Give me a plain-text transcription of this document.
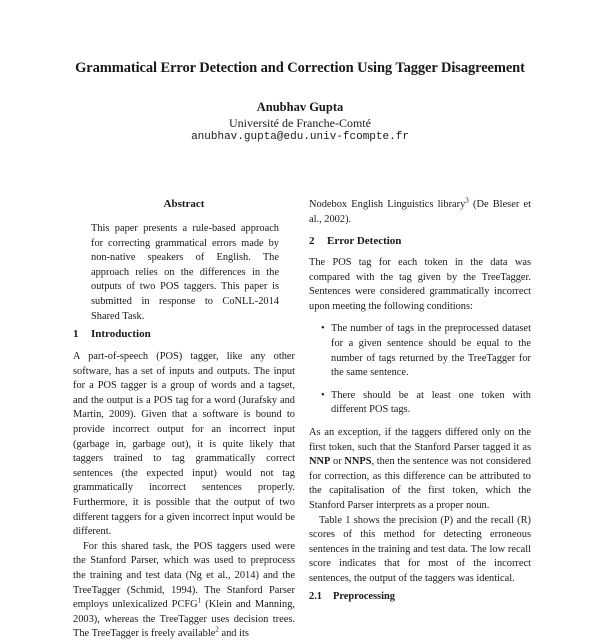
Grammatical Error Detection and Correction Using Tagger Disagreement
Anubhav Gupta
Université de Franche-Comté
anubhav.gupta@edu.univ-fcompte.fr
Abstract
This paper presents a rule-based approach for correcting grammatical errors made by non-native speakers of English. The approach relies on the differences in the outputs of two POS taggers. This paper is submitted in response to CoNLL-2014 Shared Task.
1 Introduction

A part-of-speech (POS) tagger, like any other software, has a set of inputs and outputs. The input for a POS tagger is a group of words and a tagset, and the output is a POS tag for a word (Jurafsky and Martin, 2009). Given that a software is bound to provide incorrect output for an incorrect input (garbage in, garbage out), it is quite likely that taggers trained to tag grammatically correct sentences (the expected input) would not tag grammatically incorrect sentences properly. Furthermore, it is possible that the output of two different taggers for a given incorrect input would be different.

For this shared task, the POS taggers used were the Stanford Parser, which was used to preprocess the training and test data (Ng et al., 2014) and the TreeTagger (Schmid, 1994). The Stanford Parser employs unlexicalized PCFG$^1$ (Klein and Manning, 2003), whereas the TreeTagger uses decision trees. The TreeTagger is freely available$^2$ and its

Nodebox English Linguistics library$^3$ (De Bleser et al., 2002).

2 Error Detection

The POS tag for each token in the data was compared with the tag given by the TreeTagger. Sentences were considered grammatically incorrect upon meeting the following conditions:

• The number of tags in the preprocessed dataset for a given sentence should be equal to the number of tags returned by the TreeTagger for the same sentence.
• There should be at least one token with different POS tags.

As an exception, if the taggers differed only on the first token, such that the Stanford Parser tagged it as NNP or NNPS, then the sentence was not considered for correction, as this difference can be attributed to the capitalisation of the first token, which the Stanford Parser interprets as a proper noun.

Table 1 shows the precision (P) and the recall (R) scores of this method for detecting erroneous sentences in the training and test data. The low recall score indicates that for most of the incorrect sentences, the output of the taggers was identical.

2.1 Preprocessing
